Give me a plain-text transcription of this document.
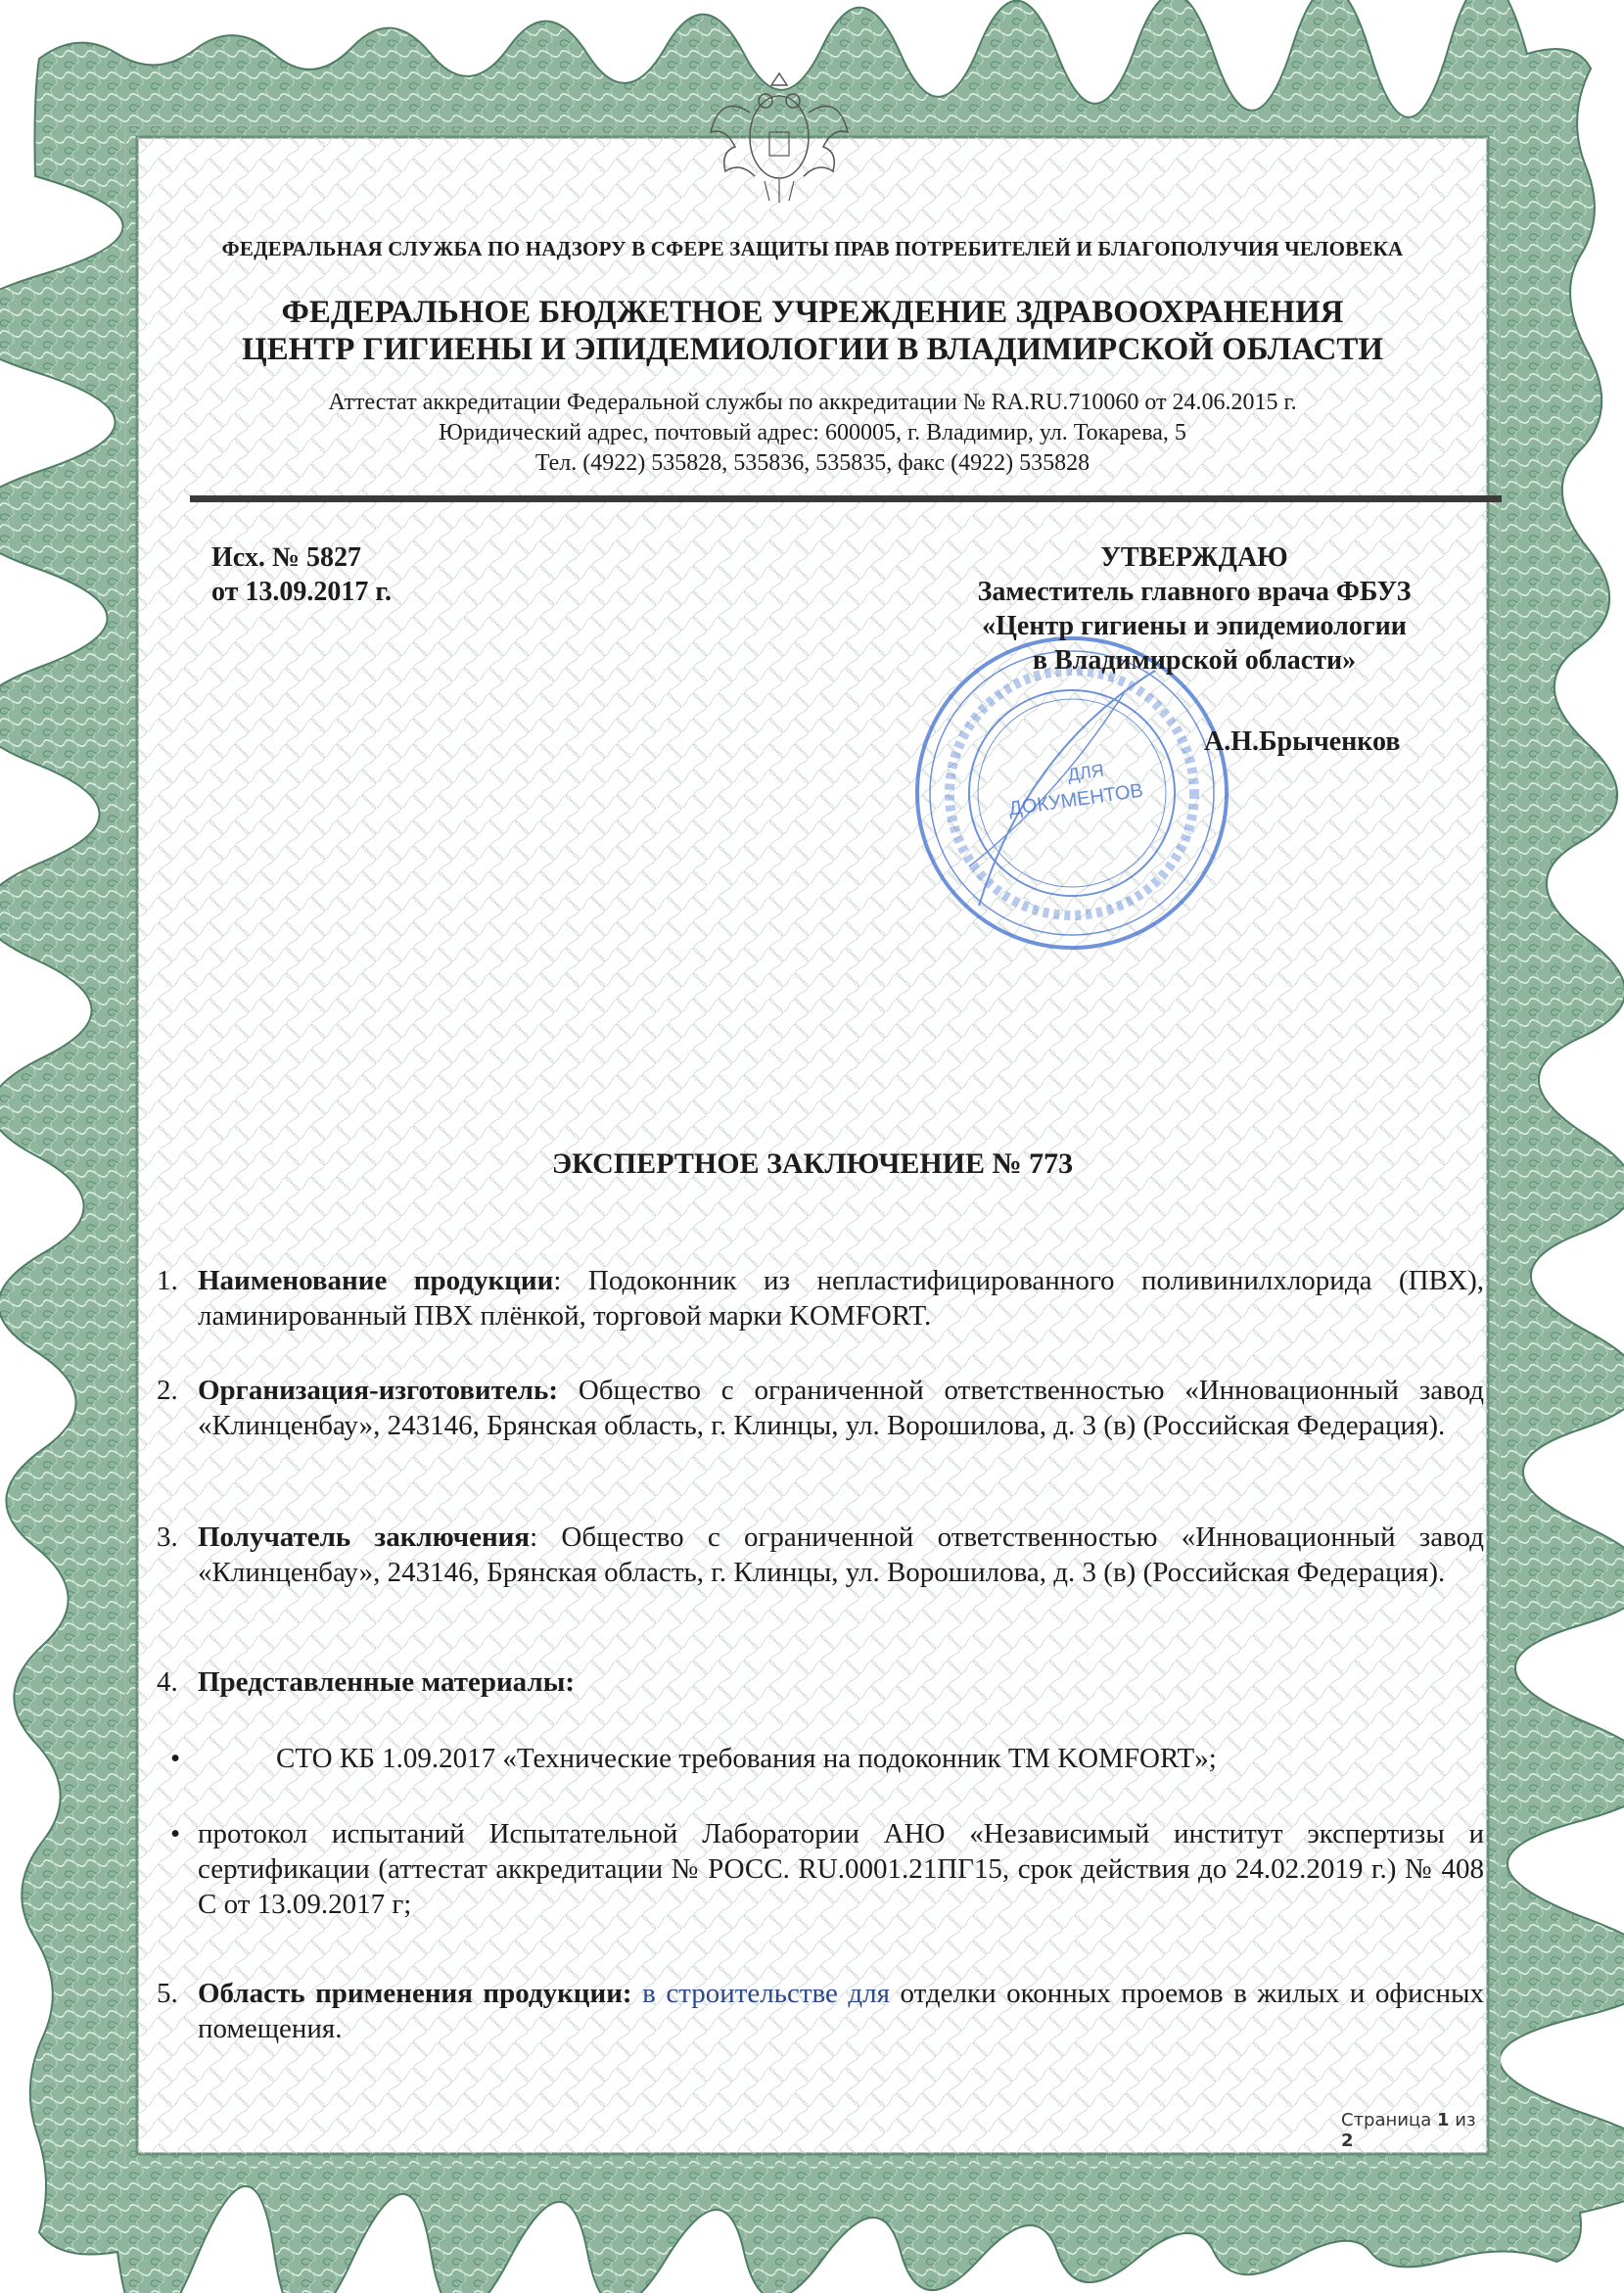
ФЕДЕРАЛЬНАЯ СЛУЖБА ПО НАДЗОРУ В СФЕРЕ ЗАЩИТЫ ПРАВ ПОТРЕБИТЕЛЕЙ И БЛАГОПОЛУЧИЯ ЧЕЛОВЕКА
ФЕДЕРАЛЬНОЕ БЮДЖЕТНОЕ УЧРЕЖДЕНИЕ ЗДРАВООХРАНЕНИЯ
ЦЕНТР ГИГИЕНЫ И ЭПИДЕМИОЛОГИИ В ВЛАДИМИРСКОЙ ОБЛАСТИ
Аттестат аккредитации Федеральной службы по аккредитации № RA.RU.710060 от 24.06.2015 г.
Юридический адрес, почтовый адрес: 600005, г. Владимир, ул. Токарева, 5
Тел. (4922) 535828, 535836, 535835, факс (4922) 535828
Исх. № 5827
от 13.09.2017 г.
ДЛЯ
ДОКУМЕНТОВ
УТВЕРЖДАЮ
Заместитель главного врача ФБУЗ
«Центр гигиены и эпидемиологии
в Владимирской области»
А.Н.Брыченков
ЭКСПЕРТНОЕ ЗАКЛЮЧЕНИЕ № 773
1. Наименование продукции: Подоконник из непластифицированного поливинилхлорида (ПВХ), ламинированный ПВХ плёнкой, торговой марки KOMFORT.
2. Организация-изготовитель: Общество с ограниченной ответственностью «Инновационный завод «Клинценбау», 243146, Брянская область, г. Клинцы, ул. Ворошилова, д. 3 (в) (Российская Федерация).
3. Получатель заключения: Общество с ограниченной ответственностью «Инновационный завод «Клинценбау», 243146, Брянская область, г. Клинцы, ул. Ворошилова, д. 3 (в) (Российская Федерация).
4. Представленные материалы:
•	СТО КБ 1.09.2017 «Технические требования на подоконник ТМ KOMFORT»;
• протокол испытаний Испытательной Лаборатории АНО «Независимый институт экспертизы и сертификации (аттестат аккредитации № РОСС. RU.0001.21ПГ15, срок действия до 24.02.2019 г.) № 408 С от 13.09.2017 г;
5. Область применения продукции: в строительстве для отделки оконных проемов в жилых и офисных помещения.
Страница 1 из 2
